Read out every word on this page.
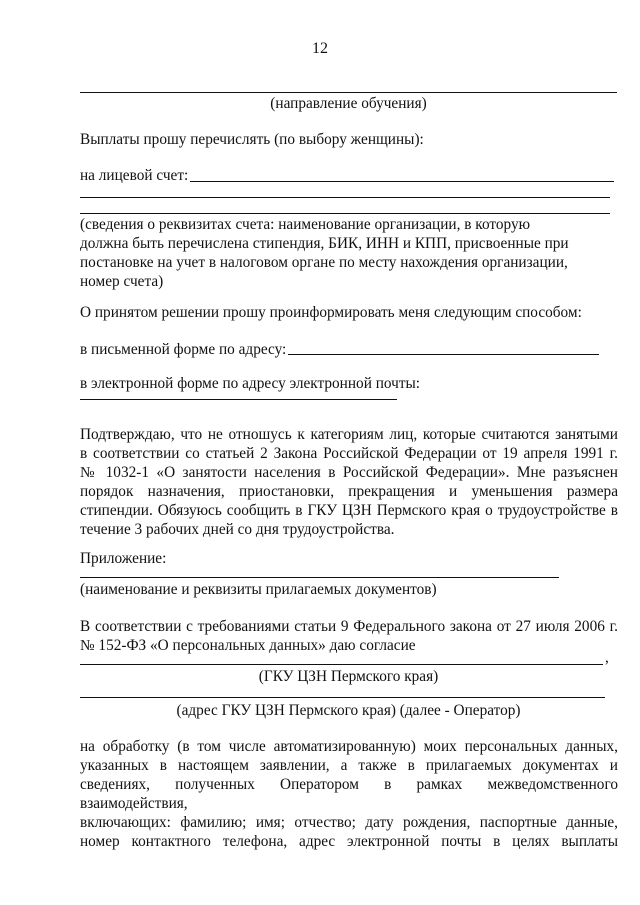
12
(направление обучения)
Выплаты прошу перечислять (по выбору женщины):
на лицевой счет:
(сведения о реквизитах счета: наименование организации, в которую
должна быть перечислена стипендия, БИК, ИНН и КПП, присвоенные при
постановке на учет в налоговом органе по месту нахождения организации,
номер счета)
О принятом решении прошу проинформировать меня следующим способом:
в письменной форме по адресу:
в электронной форме по адресу электронной почты:
Подтверждаю, что не отношусь к категориям лиц, которые считаются занятыми
в соответствии со статьей 2 Закона Российской Федерации от 19 апреля 1991 г.
№ 1032-1 «О занятости населения в Российской Федерации». Мне разъяснен
порядок назначения, приостановки, прекращения и уменьшения размера
стипендии. Обязуюсь сообщить в ГКУ ЦЗН Пермского края о трудоустройстве в
течение 3 рабочих дней со дня трудоустройства.
Приложение:
(наименование и реквизиты прилагаемых документов)
В соответствии с требованиями статьи 9 Федерального закона от 27 июля 2006 г.
№ 152-ФЗ «О персональных данных» даю согласие
,
(ГКУ ЦЗН Пермского края)
(адрес ГКУ ЦЗН Пермского края) (далее - Оператор)
на обработку (в том числе автоматизированную) моих персональных данных,
указанных в настоящем заявлении, а также в прилагаемых документах и
сведениях, полученных Оператором в рамках межведомственного
взаимодействия,
включающих: фамилию; имя; отчество; дату рождения, паспортные данные,
номер контактного телефона, адрес электронной почты в целях выплаты
